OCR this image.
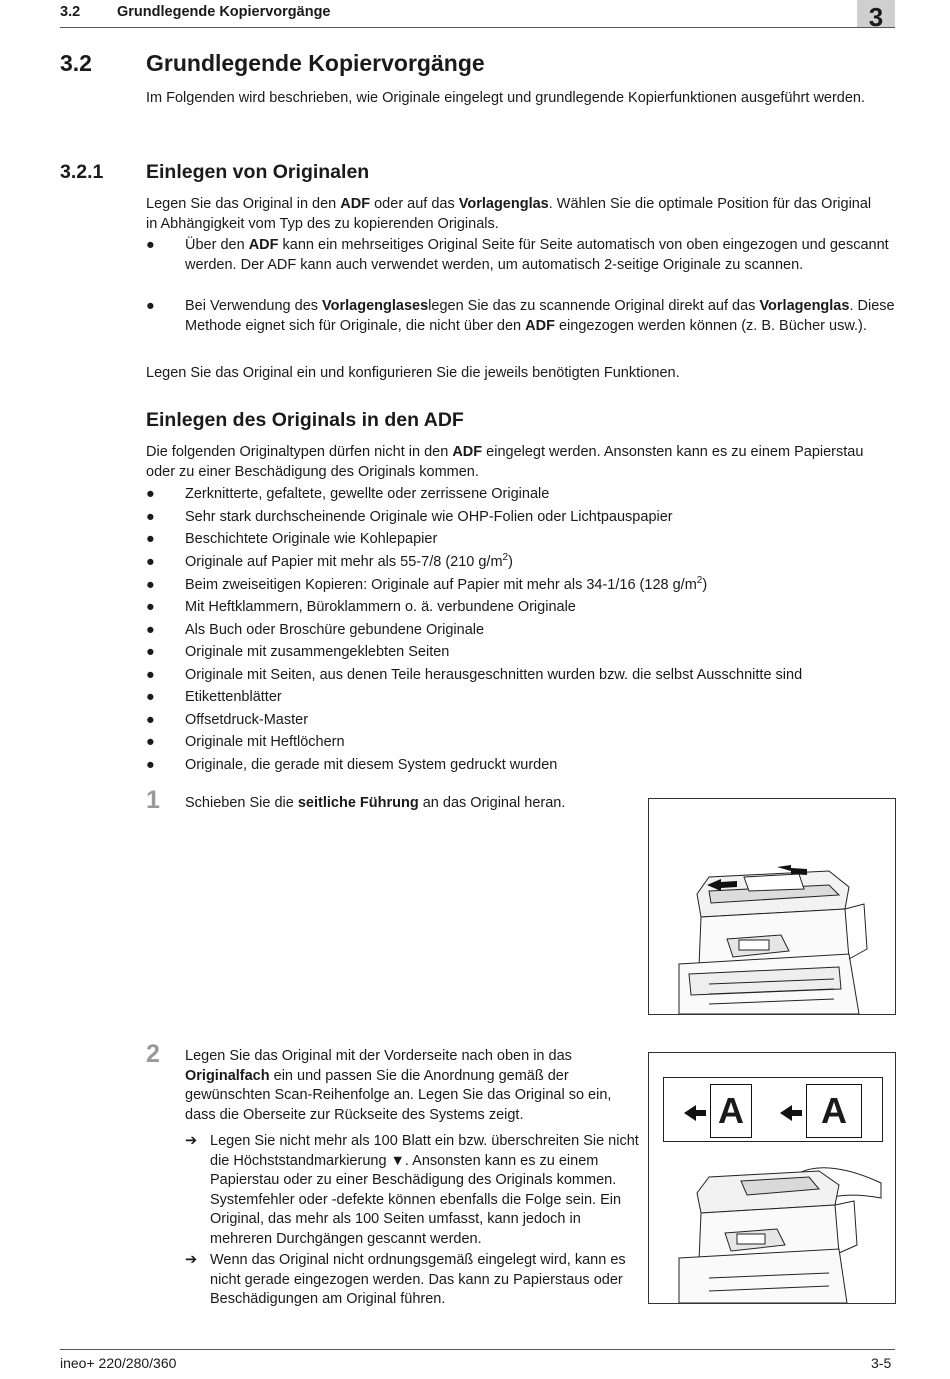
3.2	Grundlegende Kopiervorgänge	3
3.2 Grundlegende Kopiervorgänge
Im Folgenden wird beschrieben, wie Originale eingelegt und grundlegende Kopierfunktionen ausgeführt werden.
3.2.1 Einlegen von Originalen
Legen Sie das Original in den ADF oder auf das Vorlagenglas. Wählen Sie die optimale Position für das Original in Abhängigkeit vom Typ des zu kopierenden Originals.
● Über den ADF kann ein mehrseitiges Original Seite für Seite automatisch von oben eingezogen und gescannt werden. Der ADF kann auch verwendet werden, um automatisch 2-seitige Originale zu scannen.
● Bei Verwendung des Vorlagenglaseslegen Sie das zu scannende Original direkt auf das Vorlagenglas. Diese Methode eignet sich für Originale, die nicht über den ADF eingezogen werden können (z. B. Bücher usw.).
Legen Sie das Original ein und konfigurieren Sie die jeweils benötigten Funktionen.
Einlegen des Originals in den ADF
Die folgenden Originaltypen dürfen nicht in den ADF eingelegt werden. Ansonsten kann es zu einem Papierstau oder zu einer Beschädigung des Originals kommen.
● Zerknitterte, gefaltete, gewellte oder zerrissene Originale
● Sehr stark durchscheinende Originale wie OHP-Folien oder Lichtpauspapier
● Beschichtete Originale wie Kohlepapier
● Originale auf Papier mit mehr als 55-7/8 (210 $g/m^2$)
● Beim zweiseitigen Kopieren: Originale auf Papier mit mehr als 34-1/16 (128 $g/m^2$)
● Mit Heftklammern, Büroklammern o. ä. verbundene Originale
● Als Buch oder Broschüre gebundene Originale
● Originale mit zusammengeklebten Seiten
● Originale mit Seiten, aus denen Teile herausgeschnitten wurden bzw. die selbst Ausschnitte sind
● Etikettenblätter
● Offsetdruck-Master
● Originale mit Heftlöchern
● Originale, die gerade mit diesem System gedruckt wurden
1 Schieben Sie die seitliche Führung an das Original heran.
2 Legen Sie das Original mit der Vorderseite nach oben in das Originalfach ein und passen Sie die Anordnung gemäß der gewünschten Scan-Reihenfolge an. Legen Sie das Original so ein, dass die Oberseite zur Rückseite des Systems zeigt.
➔ Legen Sie nicht mehr als 100 Blatt ein bzw. überschreiten Sie nicht die Höchststandmarkierung ▼. Ansonsten kann es zu einem Papierstau oder zu einer Beschädigung des Originals kommen. Systemfehler oder -defekte können ebenfalls die Folge sein. Ein Original, das mehr als 100 Seiten umfasst, kann jedoch in mehreren Durchgängen gescannt werden.
➔ Wenn das Original nicht ordnungsgemäß eingelegt wird, kann es nicht gerade eingezogen werden. Das kann zu Papierstaus oder Beschädigungen am Original führen.
A	A
ineo+ 220/280/360	3-5
